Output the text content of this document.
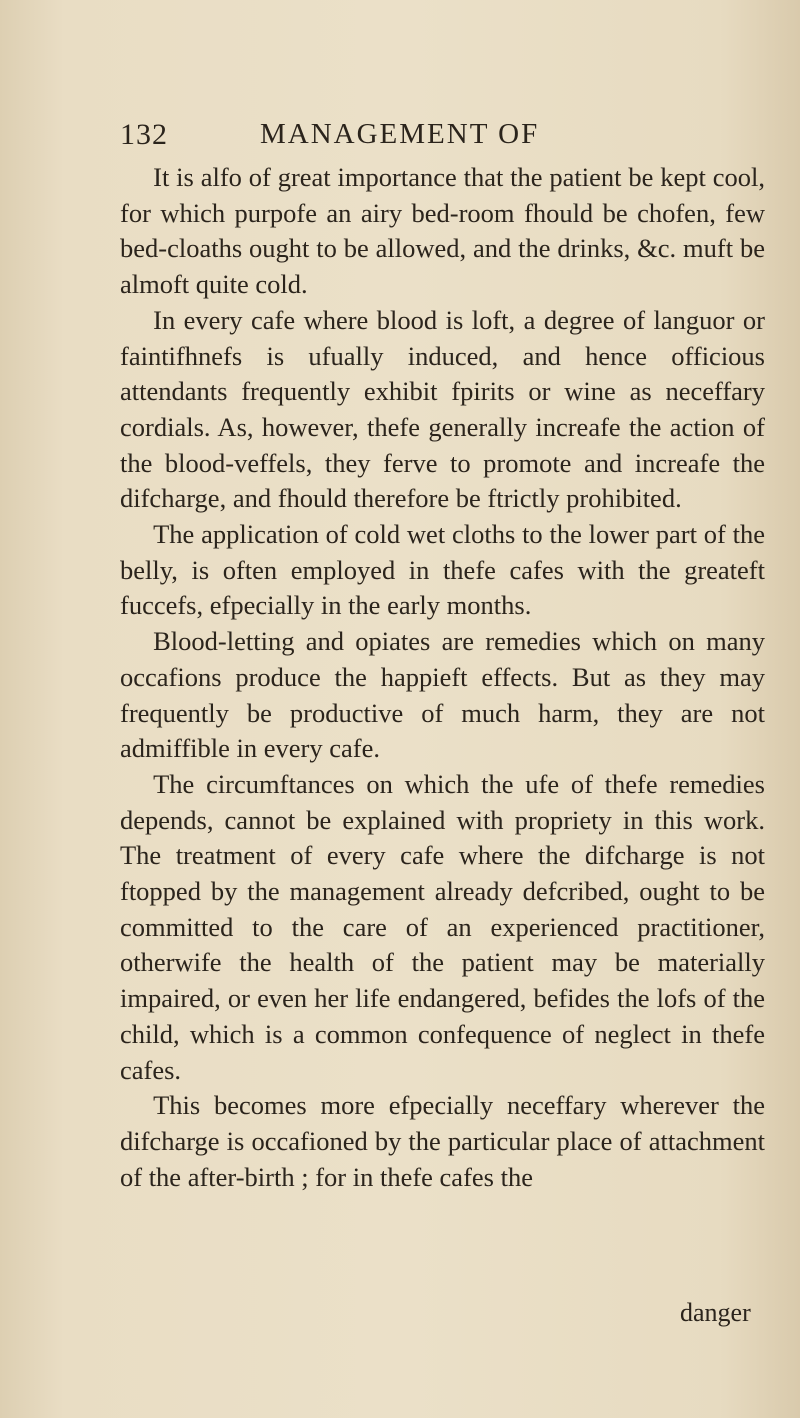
132	MANAGEMENT OF

It is alfo of great importance that the patient be kept cool, for which purpofe an airy bed-room fhould be chofen, few bed-cloaths ought to be allowed, and the drinks, &c. muft be almoft quite cold.

In every cafe where blood is loft, a degree of languor or faintifhnefs is ufually induced, and hence officious attendants frequently exhibit fpirits or wine as neceffary cordials. As, however, thefe generally increafe the action of the blood-veffels, they ferve to promote and increafe the difcharge, and fhould therefore be ftrictly prohibited.

The application of cold wet cloths to the lower part of the belly, is often employed in thefe cafes with the greateft fuccefs, efpecially in the early months.

Blood-letting and opiates are remedies which on many occafions produce the happieft effects. But as they may frequently be productive of much harm, they are not admiffible in every cafe.

The circumftances on which the ufe of thefe remedies depends, cannot be explained with propriety in this work. The treatment of every cafe where the difcharge is not ftopped by the management already defcribed, ought to be committed to the care of an experienced practitioner, otherwife the health of the patient may be materially impaired, or even her life endangered, befides the lofs of the child, which is a common confequence of neglect in thefe cafes.

This becomes more efpecially neceffary wherever the difcharge is occafioned by the particular place of attachment of the after-birth ; for in thefe cafes the

danger
